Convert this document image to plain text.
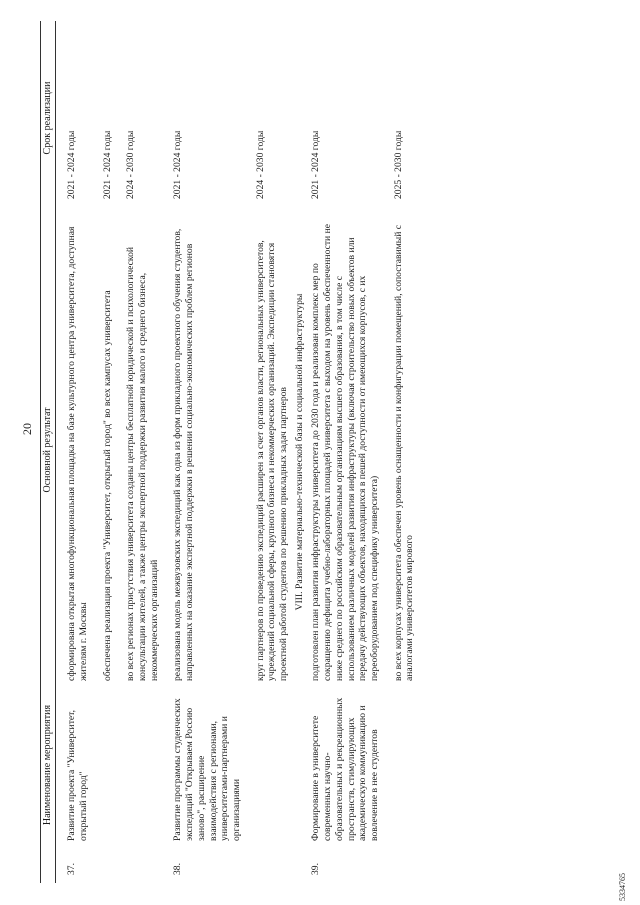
20
	Наименование мероприятия	Основной результат	Срок реализации
37.	Развитие проекта "Университет, открытый город"	сформирована открытая многофункциональная площадка на базе культурного центра университета, доступная жителям г. Москвы	2021 - 2024 годы
		обеспечена реализация проекта "Университет, открытый город" во всех кампусах университета	2021 - 2024 годы
		во всех регионах присутствия университета созданы центры бесплатной юридической и психологической консультации жителей, а также центры экспертной поддержки развития малого и среднего бизнеса, некоммерческих организаций	2024 - 2030 годы
38.	Развитие программы студенческих экспедиций "Открываем Россию заново", расширение взаимодействия с регионами, университетами-партнерами и организациями	реализована модель межвузовских экспедиций как одна из форм прикладного проектного обучения студентов, направленных на оказание экспертной поддержки в решении социально-экономических проблем регионов	2021 - 2024 годы
		круг партнеров по проведению экспедиций расширен за счет органов власти, региональных университетов, учреждений социальной сферы, крупного бизнеса и некоммерческих организаций. Экспедиции становятся проектной работой студентов по решению прикладных задач партнеров	2024 - 2030 годы
VIII. Развитие материально-технической базы и социальной инфраструктуры			
39.	Формирование в университете современных научно-образовательных и рекреационных пространств, стимулирующих академическую коммуникацию и вовлечение в нее студентов	подготовлен план развития инфраструктуры университета до 2030 года и реализован комплекс мер по сокращению дефицита учебно-лабораторных площадей университета с выходом на уровень обеспеченности не ниже среднего по российским образовательным организациям высшего образования, в том числе с использованием различных моделей развития инфраструктуры (включая строительство новых объектов или передачу действующих объектов, находящихся в пешей доступности от имеющихся корпусов, с их переоборудованием под специфику университета)	2021 - 2024 годы
		во всех корпусах университета обеспечен уровень оснащенности и конфигурации помещений, сопоставимый с аналогами университетов мирового	2025 - 2030 годы
5334765
